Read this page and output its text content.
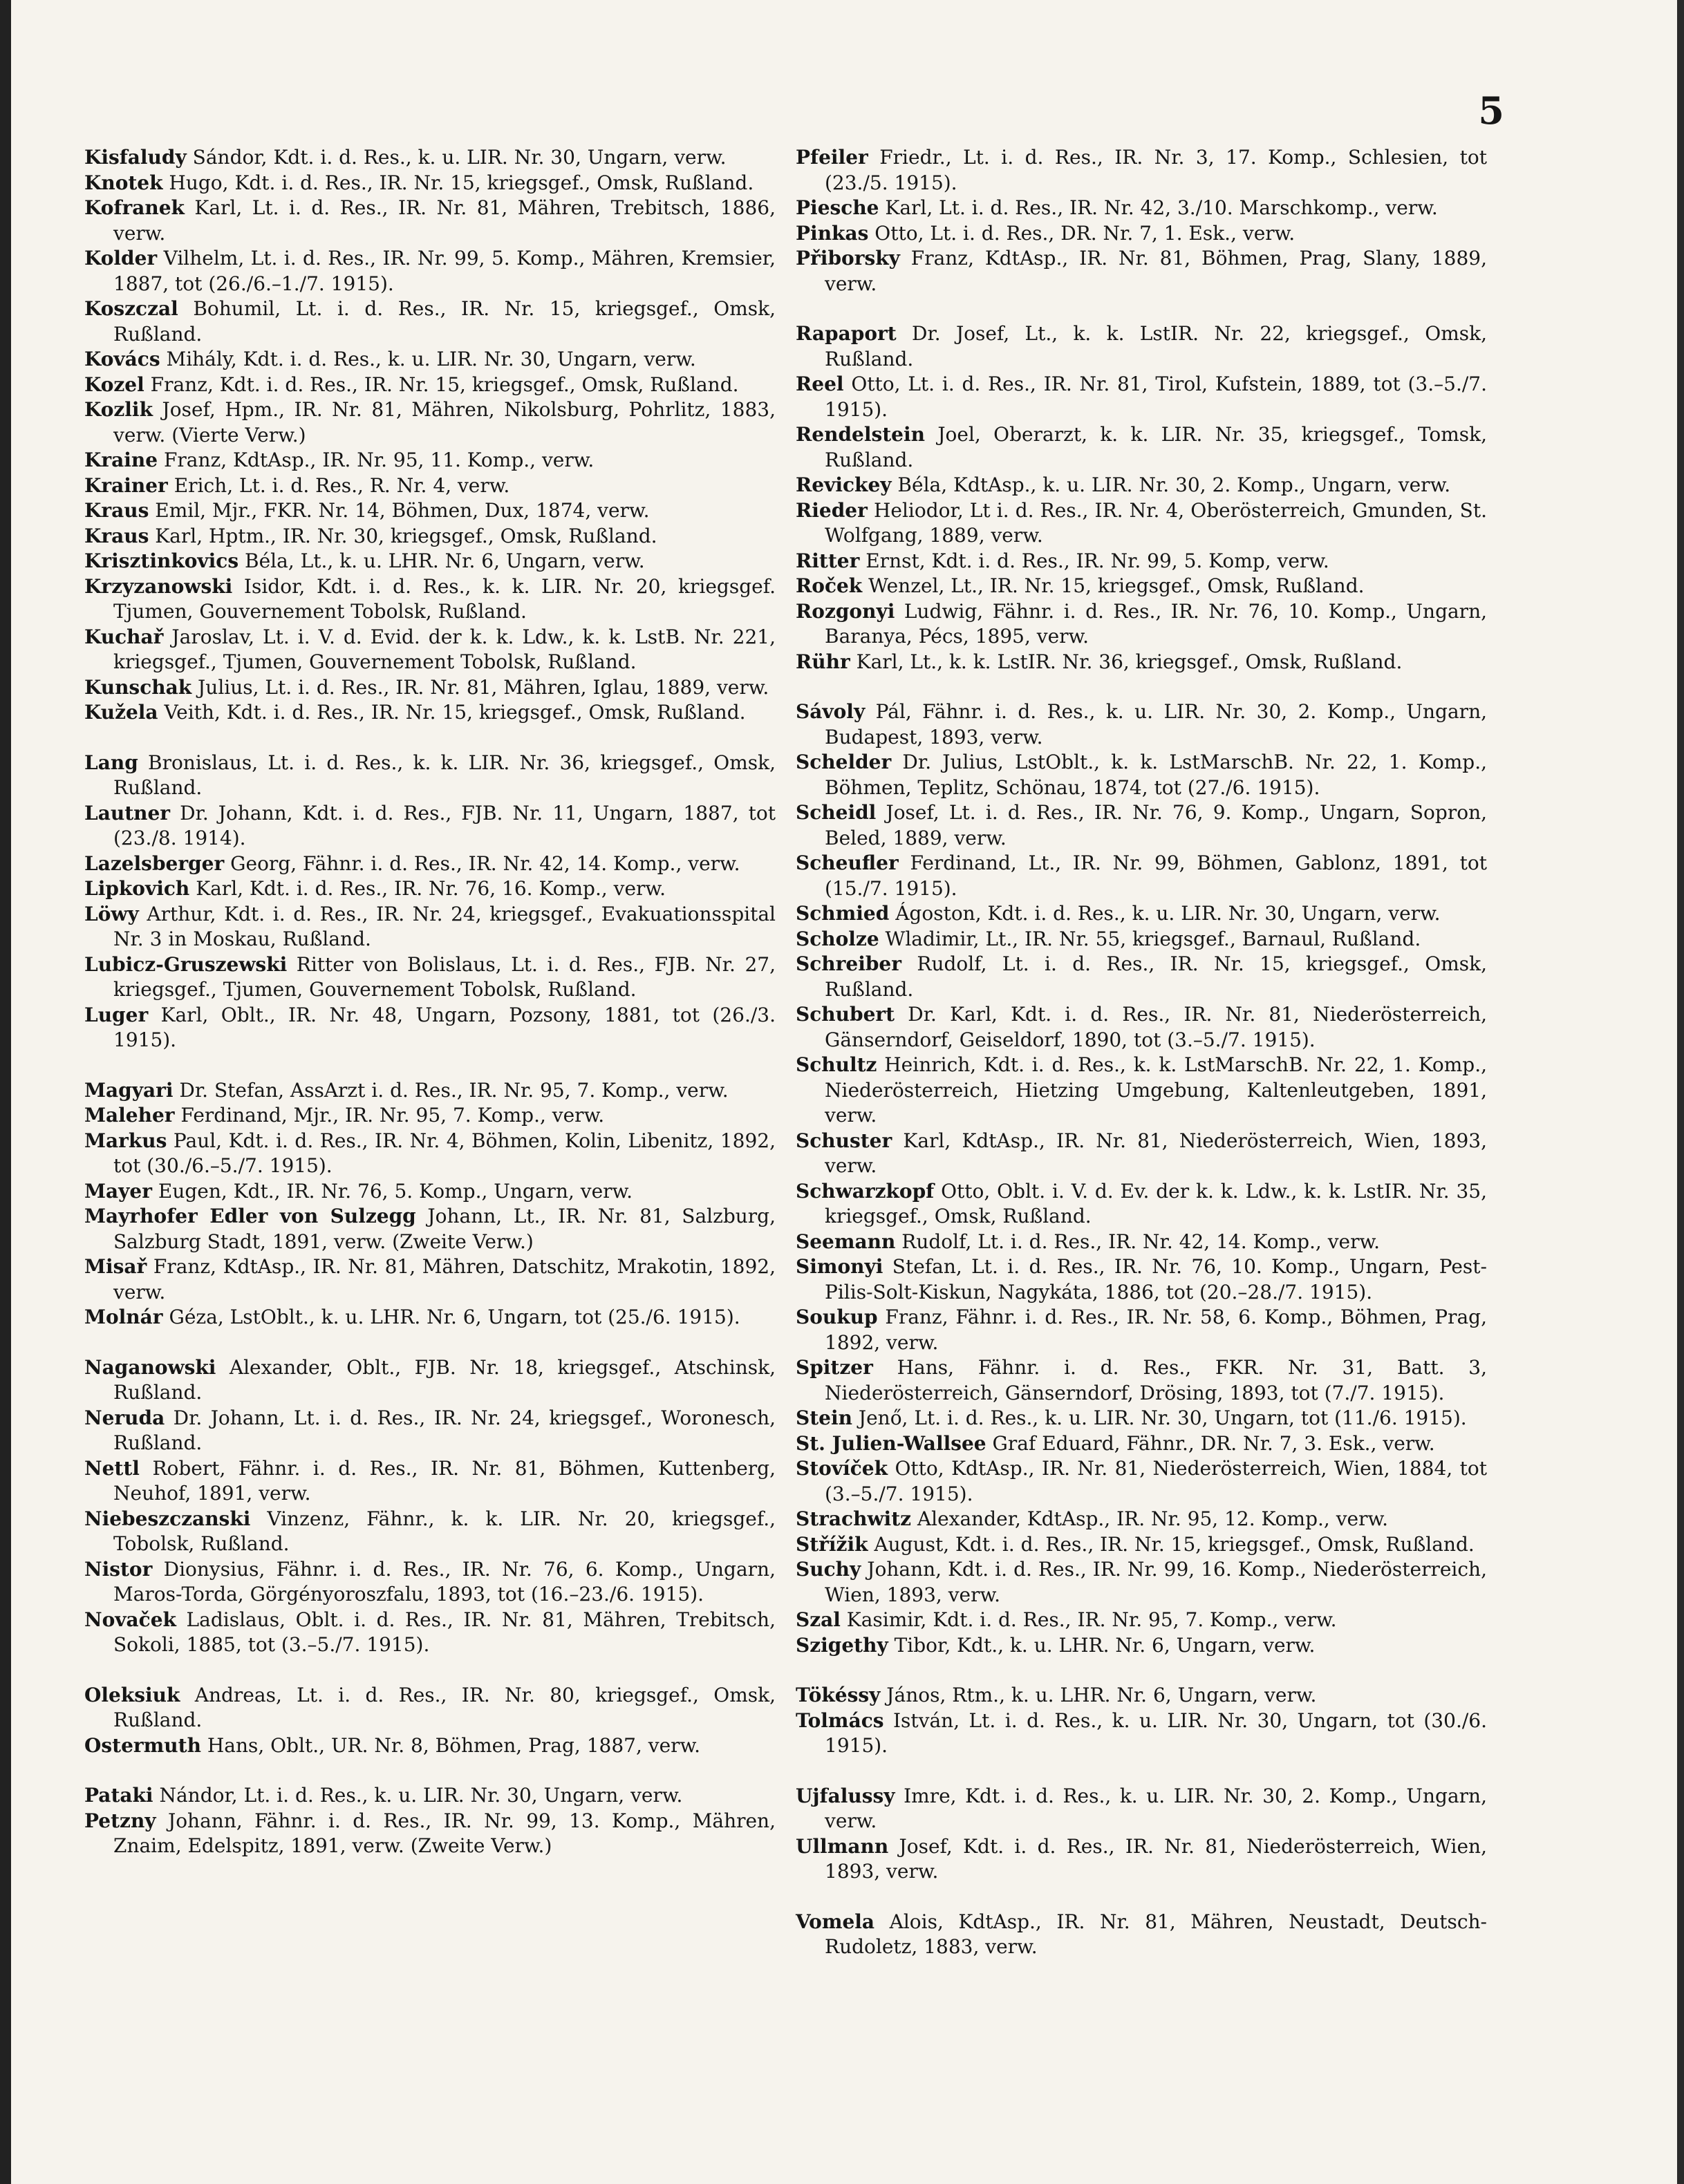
5

Kisfaludy Sándor, Kdt. i. d. Res., k. u. LIR. Nr. 30, Ungarn, verw.

Knotek Hugo, Kdt. i. d. Res., IR. Nr. 15, kriegsgef., Omsk, Rußland.

Kofranek Karl, Lt. i. d. Res., IR. Nr. 81, Mähren, Trebitsch, 1886, verw.

Kolder Vilhelm, Lt. i. d. Res., IR. Nr. 99, 5. Komp., Mähren, Kremsier, 1887, tot (26./6.–1./7. 1915).

Koszczal Bohumil, Lt. i. d. Res., IR. Nr. 15, kriegsgef., Omsk, Rußland.

Kovács Mihály, Kdt. i. d. Res., k. u. LIR. Nr. 30, Ungarn, verw.

Kozel Franz, Kdt. i. d. Res., IR. Nr. 15, kriegsgef., Omsk, Rußland.

Kozlik Josef, Hpm., IR. Nr. 81, Mähren, Nikolsburg, Pohrlitz, 1883, verw. (Vierte Verw.)

Kraine Franz, KdtAsp., IR. Nr. 95, 11. Komp., verw.

Krainer Erich, Lt. i. d. Res., R. Nr. 4, verw.

Kraus Emil, Mjr., FKR. Nr. 14, Böhmen, Dux, 1874, verw.

Kraus Karl, Hptm., IR. Nr. 30, kriegsgef., Omsk, Rußland.

Krisztinkovics Béla, Lt., k. u. LHR. Nr. 6, Ungarn, verw.

Krzyzanowski Isidor, Kdt. i. d. Res., k. k. LIR. Nr. 20, kriegsgef. Tjumen, Gouvernement Tobolsk, Rußland.

Kuchař Jaroslav, Lt. i. V. d. Evid. der k. k. Ldw., k. k. LstB. Nr. 221, kriegsgef., Tjumen, Gouvernement Tobolsk, Rußland.

Kunschak Julius, Lt. i. d. Res., IR. Nr. 81, Mähren, Iglau, 1889, verw.

Kuželа Veith, Kdt. i. d. Res., IR. Nr. 15, kriegsgef., Omsk, Rußland.

Lang Bronislaus, Lt. i. d. Res., k. k. LIR. Nr. 36, kriegsgef., Omsk, Rußland.

Lautner Dr. Johann, Kdt. i. d. Res., FJB. Nr. 11, Ungarn, 1887, tot (23./8. 1914).

Lazelsberger Georg, Fähnr. i. d. Res., IR. Nr. 42, 14. Komp., verw.

Lipkovich Karl, Kdt. i. d. Res., IR. Nr. 76, 16. Komp., verw.

Löwy Arthur, Kdt. i. d. Res., IR. Nr. 24, kriegsgef., Evakuationsspital Nr. 3 in Moskau, Rußland.

Lubicz-Gruszewski Ritter von Bolislaus, Lt. i. d. Res., FJB. Nr. 27, kriegsgef., Tjumen, Gouvernement Tobolsk, Rußland.

Luger Karl, Oblt., IR. Nr. 48, Ungarn, Pozsony, 1881, tot (26./3. 1915).

Magyari Dr. Stefan, AssArzt i. d. Res., IR. Nr. 95, 7. Komp., verw.

Maleher Ferdinand, Mjr., IR. Nr. 95, 7. Komp., verw.

Markus Paul, Kdt. i. d. Res., IR. Nr. 4, Böhmen, Kolin, Libenitz, 1892, tot (30./6.–5./7. 1915).

Mayer Eugen, Kdt., IR. Nr. 76, 5. Komp., Ungarn, verw.

Mayrhofer Edler von Sulzegg Johann, Lt., IR. Nr. 81, Salzburg, Salzburg Stadt, 1891, verw. (Zweite Verw.)

Misař Franz, KdtAsp., IR. Nr. 81, Mähren, Datschitz, Mrakotin, 1892, verw.

Molnár Géza, LstOblt., k. u. LHR. Nr. 6, Ungarn, tot (25./6. 1915).

Naganowski Alexander, Oblt., FJB. Nr. 18, kriegsgef., Atschinsk, Rußland.

Neruda Dr. Johann, Lt. i. d. Res., IR. Nr. 24, kriegsgef., Woronesch, Rußland.

Nettl Robert, Fähnr. i. d. Res., IR. Nr. 81, Böhmen, Kuttenberg, Neuhof, 1891, verw.

Niebeszczanski Vinzenz, Fähnr., k. k. LIR. Nr. 20, kriegsgef., Tobolsk, Rußland.

Nistor Dionysius, Fähnr. i. d. Res., IR. Nr. 76, 6. Komp., Ungarn, Maros-Torda, Görgényoroszfalu, 1893, tot (16.–23./6. 1915).

Novaček Ladislaus, Oblt. i. d. Res., IR. Nr. 81, Mähren, Trebitsch, Sokoli, 1885, tot (3.–5./7. 1915).

Oleksiuk Andreas, Lt. i. d. Res., IR. Nr. 80, kriegsgef., Omsk, Rußland.

Ostermuth Hans, Oblt., UR. Nr. 8, Böhmen, Prag, 1887, verw.

Pataki Nándor, Lt. i. d. Res., k. u. LIR. Nr. 30, Ungarn, verw.

Petzny Johann, Fähnr. i. d. Res., IR. Nr. 99, 13. Komp., Mähren, Znaim, Edelspitz, 1891, verw. (Zweite Verw.)

Pfeiler Friedr., Lt. i. d. Res., IR. Nr. 3, 17. Komp., Schlesien, tot (23./5. 1915).

Piesche Karl, Lt. i. d. Res., IR. Nr. 42, 3./10. Marschkomp., verw.

Pinkas Otto, Lt. i. d. Res., DR. Nr. 7, 1. Esk., verw.

Přiborsky Franz, KdtAsp., IR. Nr. 81, Böhmen, Prag, Slany, 1889, verw.

Rapaport Dr. Josef, Lt., k. k. LstIR. Nr. 22, kriegsgef., Omsk, Rußland.

Reel Otto, Lt. i. d. Res., IR. Nr. 81, Tirol, Kufstein, 1889, tot (3.–5./7. 1915).

Rendelstein Joel, Oberarzt, k. k. LIR. Nr. 35, kriegsgef., Tomsk, Rußland.

Revickey Béla, KdtAsp., k. u. LIR. Nr. 30, 2. Komp., Ungarn, verw.

Rieder Heliodor, Lt i. d. Res., IR. Nr. 4, Oberösterreich, Gmunden, St. Wolfgang, 1889, verw.

Ritter Ernst, Kdt. i. d. Res., IR. Nr. 99, 5. Komp, verw.

Roček Wenzel, Lt., IR. Nr. 15, kriegsgef., Omsk, Rußland.

Rozgonyi Ludwig, Fähnr. i. d. Res., IR. Nr. 76, 10. Komp., Ungarn, Baranya, Pécs, 1895, verw.

Rühr Karl, Lt., k. k. LstIR. Nr. 36, kriegsgef., Omsk, Rußland.

Sávoly Pál, Fähnr. i. d. Res., k. u. LIR. Nr. 30, 2. Komp., Ungarn, Budapest, 1893, verw.

Schelder Dr. Julius, LstOblt., k. k. LstMarschB. Nr. 22, 1. Komp., Böhmen, Teplitz, Schönau, 1874, tot (27./6. 1915).

Scheidl Josef, Lt. i. d. Res., IR. Nr. 76, 9. Komp., Ungarn, Sopron, Beled, 1889, verw.

Scheufler Ferdinand, Lt., IR. Nr. 99, Böhmen, Gablonz, 1891, tot (15./7. 1915).

Schmied Ágoston, Kdt. i. d. Res., k. u. LIR. Nr. 30, Ungarn, verw.

Scholze Wladimir, Lt., IR. Nr. 55, kriegsgef., Barnaul, Rußland.

Schreiber Rudolf, Lt. i. d. Res., IR. Nr. 15, kriegsgef., Omsk, Rußland.

Schubert Dr. Karl, Kdt. i. d. Res., IR. Nr. 81, Niederösterreich, Gänserndorf, Geiseldorf, 1890, tot (3.–5./7. 1915).

Schultz Heinrich, Kdt. i. d. Res., k. k. LstMarschB. Nr. 22, 1. Komp., Niederösterreich, Hietzing Umgebung, Kaltenleutgeben, 1891, verw.

Schuster Karl, KdtAsp., IR. Nr. 81, Niederösterreich, Wien, 1893, verw.

Schwarzkopf Otto, Oblt. i. V. d. Ev. der k. k. Ldw., k. k. LstIR. Nr. 35, kriegsgef., Omsk, Rußland.

Seemann Rudolf, Lt. i. d. Res., IR. Nr. 42, 14. Komp., verw.

Simonyi Stefan, Lt. i. d. Res., IR. Nr. 76, 10. Komp., Ungarn, Pest-Pilis-Solt-Kiskun, Nagykáta, 1886, tot (20.–28./7. 1915).

Soukup Franz, Fähnr. i. d. Res., IR. Nr. 58, 6. Komp., Böhmen, Prag, 1892, verw.

Spitzer Hans, Fähnr. i. d. Res., FKR. Nr. 31, Batt. 3, Niederösterreich, Gänserndorf, Drösing, 1893, tot (7./7. 1915).

Stein Jenő, Lt. i. d. Res., k. u. LIR. Nr. 30, Ungarn, tot (11./6. 1915).

St. Julien-Wallsee Graf Eduard, Fähnr., DR. Nr. 7, 3. Esk., verw.

Stovíček Otto, KdtAsp., IR. Nr. 81, Niederösterreich, Wien, 1884, tot (3.–5./7. 1915).

Strachwitz Alexander, KdtAsp., IR. Nr. 95, 12. Komp., verw.

Střížik August, Kdt. i. d. Res., IR. Nr. 15, kriegsgef., Omsk, Rußland.

Suchy Johann, Kdt. i. d. Res., IR. Nr. 99, 16. Komp., Niederösterreich, Wien, 1893, verw.

Szal Kasimir, Kdt. i. d. Res., IR. Nr. 95, 7. Komp., verw.

Szigethy Tibor, Kdt., k. u. LHR. Nr. 6, Ungarn, verw.

Tökéssy János, Rtm., k. u. LHR. Nr. 6, Ungarn, verw.

Tolmács István, Lt. i. d. Res., k. u. LIR. Nr. 30, Ungarn, tot (30./6. 1915).

Ujfalussy Imre, Kdt. i. d. Res., k. u. LIR. Nr. 30, 2. Komp., Ungarn, verw.

Ullmann Josef, Kdt. i. d. Res., IR. Nr. 81, Niederösterreich, Wien, 1893, verw.

Vomela Alois, KdtAsp., IR. Nr. 81, Mähren, Neustadt, Deutsch-Rudoletz, 1883, verw.
